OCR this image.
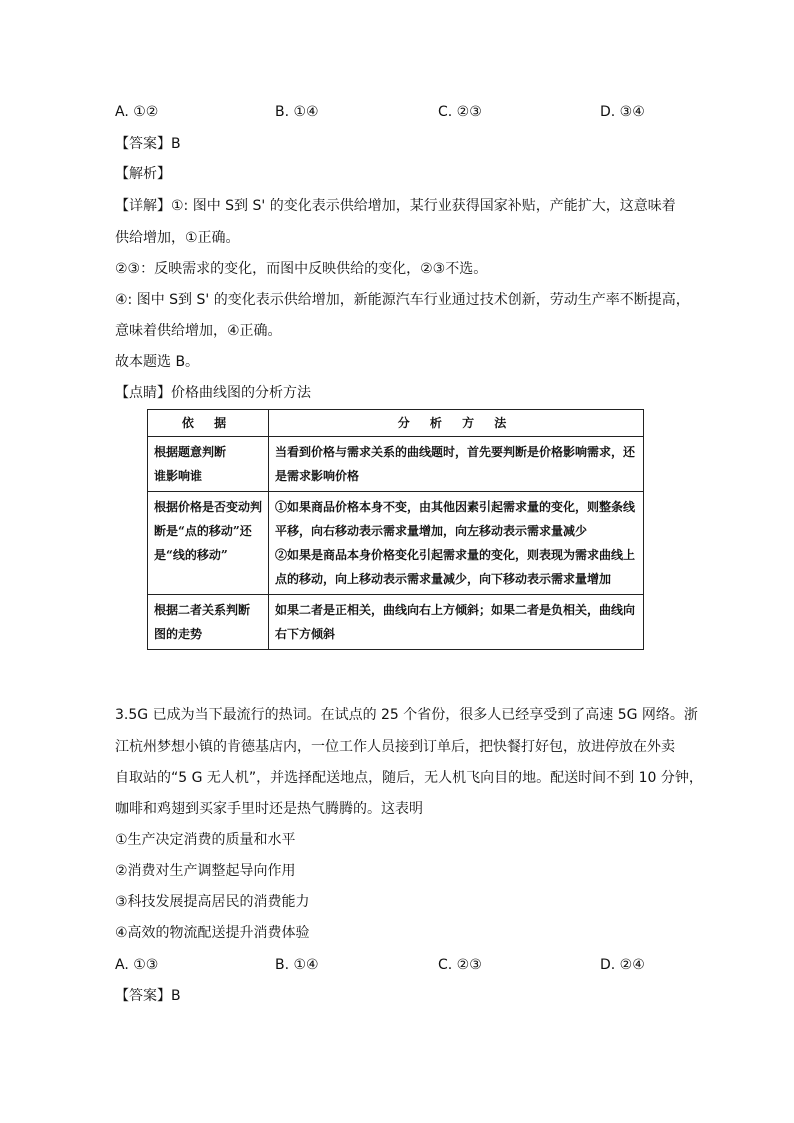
A. ①②	B. ①④	C. ②③	D. ③④
【答案】B
【解析】
【详解】①: 图中 S到 S' 的变化表示供给增加，某行业获得国家补贴，产能扩大，这意味着
供给增加，①正确。
②③：反映需求的变化，而图中反映供给的变化，②③不选。
④: 图中 S到 S' 的变化表示供给增加，新能源汽车行业通过技术创新，劳动生产率不断提高，
意味着供给增加，④正确。
故本题选 B。
【点睛】价格曲线图的分析方法
依 据	分 析 方 法

根据题意判断
谁影响谁	当看到价格与需求关系的曲线题时，首先要判断是价格影响需求，还
是需求影响价格

根据价格是否变动判
断是“点的移动”还
是“线的移动”	①如果商品价格本身不变，由其他因素引起需求量的变化，则整条线
平移，向右移动表示需求量增加，向左移动表示需求量减少
②如果是商品本身价格变化引起需求量的变化，则表现为需求曲线上
点的移动，向上移动表示需求量减少，向下移动表示需求量增加

根据二者关系判断
图的走势	如果二者是正相关，曲线向右上方倾斜；如果二者是负相关，曲线向
右下方倾斜
3.5G 已成为当下最流行的热词。在试点的 25 个省份，很多人已经享受到了高速 5G 网络。浙
江杭州梦想小镇的肯德基店内，一位工作人员接到订单后，把快餐打好包，放进停放在外卖
自取站的“5 G 无人机”，并选择配送地点，随后，无人机飞向目的地。配送时间不到 10 分钟，
咖啡和鸡翅到买家手里时还是热气腾腾的。这表明
①生产决定消费的质量和水平
②消费对生产调整起导向作用
③科技发展提高居民的消费能力
④高效的物流配送提升消费体验
A. ①③	B. ①④	C. ②③	D. ②④
【答案】B
